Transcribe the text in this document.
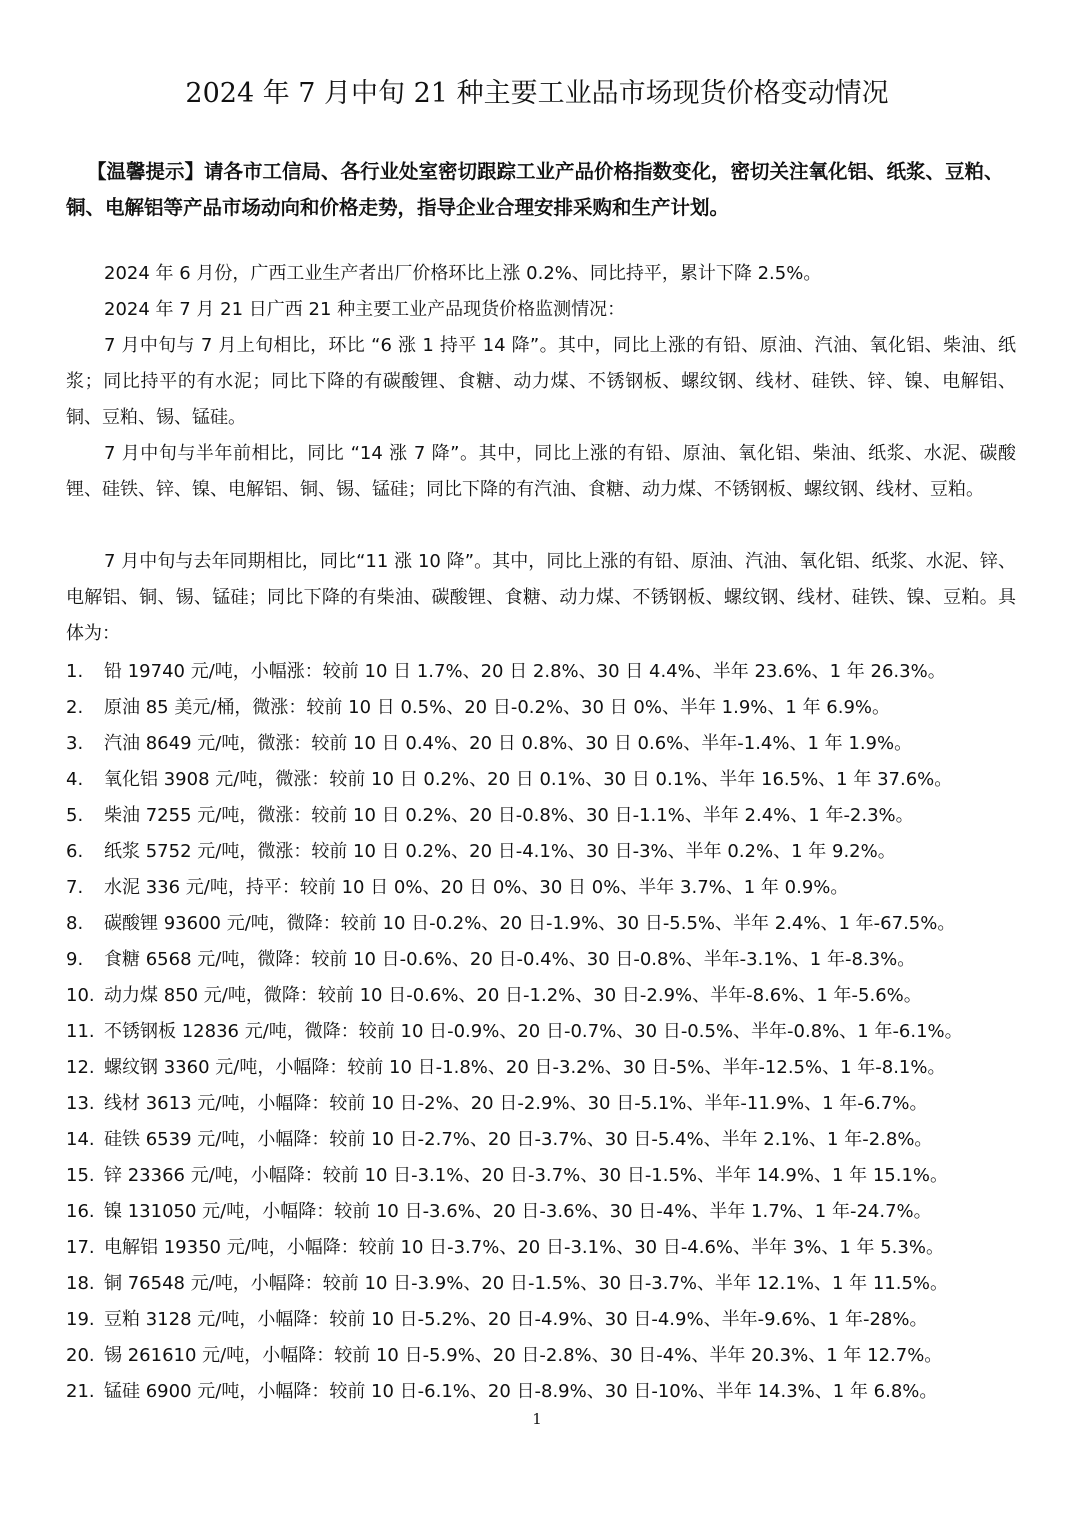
2024 年 7 月中旬 21 种主要工业品市场现货价格变动情况
【温馨提示】请各市工信局、各行业处室密切跟踪工业产品价格指数变化，密切关注氧化铝、纸浆、豆粕、铜、电解铝等产品市场动向和价格走势，指导企业合理安排采购和生产计划。
2024 年 6 月份，广西工业生产者出厂价格环比上涨 0.2%、同比持平，累计下降 2.5%。
2024 年 7 月 21 日广西 21 种主要工业产品现货价格监测情况：
7 月中旬与 7 月上旬相比，环比 “6 涨 1 持平 14 降”。其中，同比上涨的有铅、原油、汽油、氧化铝、柴油、纸浆；同比持平的有水泥；同比下降的有碳酸锂、食糖、动力煤、不锈钢板、螺纹钢、线材、硅铁、锌、镍、电解铝、铜、豆粕、锡、锰硅。
7 月中旬与半年前相比，同比 “14 涨 7 降”。其中，同比上涨的有铅、原油、氧化铝、柴油、纸浆、水泥、碳酸锂、硅铁、锌、镍、电解铝、铜、锡、锰硅；同比下降的有汽油、食糖、动力煤、不锈钢板、螺纹钢、线材、豆粕。
7 月中旬与去年同期相比，同比“11 涨 10 降”。其中，同比上涨的有铅、原油、汽油、氧化铝、纸浆、水泥、锌、电解铝、铜、锡、锰硅；同比下降的有柴油、碳酸锂、食糖、动力煤、不锈钢板、螺纹钢、线材、硅铁、镍、豆粕。具体为：
1. 铅 19740 元/吨，小幅涨：较前 10 日 1.7%、20 日 2.8%、30 日 4.4%、半年 23.6%、1 年 26.3%。
2. 原油 85 美元/桶，微涨：较前 10 日 0.5%、20 日-0.2%、30 日 0%、半年 1.9%、1 年 6.9%。
3. 汽油 8649 元/吨，微涨：较前 10 日 0.4%、20 日 0.8%、30 日 0.6%、半年-1.4%、1 年 1.9%。
4. 氧化铝 3908 元/吨，微涨：较前 10 日 0.2%、20 日 0.1%、30 日 0.1%、半年 16.5%、1 年 37.6%。
5. 柴油 7255 元/吨，微涨：较前 10 日 0.2%、20 日-0.8%、30 日-1.1%、半年 2.4%、1 年-2.3%。
6. 纸浆 5752 元/吨，微涨：较前 10 日 0.2%、20 日-4.1%、30 日-3%、半年 0.2%、1 年 9.2%。
7. 水泥 336 元/吨，持平：较前 10 日 0%、20 日 0%、30 日 0%、半年 3.7%、1 年 0.9%。
8. 碳酸锂 93600 元/吨，微降：较前 10 日-0.2%、20 日-1.9%、30 日-5.5%、半年 2.4%、1 年-67.5%。
9. 食糖 6568 元/吨，微降：较前 10 日-0.6%、20 日-0.4%、30 日-0.8%、半年-3.1%、1 年-8.3%。
10. 动力煤 850 元/吨，微降：较前 10 日-0.6%、20 日-1.2%、30 日-2.9%、半年-8.6%、1 年-5.6%。
11. 不锈钢板 12836 元/吨，微降：较前 10 日-0.9%、20 日-0.7%、30 日-0.5%、半年-0.8%、1 年-6.1%。
12. 螺纹钢 3360 元/吨，小幅降：较前 10 日-1.8%、20 日-3.2%、30 日-5%、半年-12.5%、1 年-8.1%。
13. 线材 3613 元/吨，小幅降：较前 10 日-2%、20 日-2.9%、30 日-5.1%、半年-11.9%、1 年-6.7%。
14. 硅铁 6539 元/吨，小幅降：较前 10 日-2.7%、20 日-3.7%、30 日-5.4%、半年 2.1%、1 年-2.8%。
15. 锌 23366 元/吨，小幅降：较前 10 日-3.1%、20 日-3.7%、30 日-1.5%、半年 14.9%、1 年 15.1%。
16. 镍 131050 元/吨，小幅降：较前 10 日-3.6%、20 日-3.6%、30 日-4%、半年 1.7%、1 年-24.7%。
17. 电解铝 19350 元/吨，小幅降：较前 10 日-3.7%、20 日-3.1%、30 日-4.6%、半年 3%、1 年 5.3%。
18. 铜 76548 元/吨，小幅降：较前 10 日-3.9%、20 日-1.5%、30 日-3.7%、半年 12.1%、1 年 11.5%。
19. 豆粕 3128 元/吨，小幅降：较前 10 日-5.2%、20 日-4.9%、30 日-4.9%、半年-9.6%、1 年-28%。
20. 锡 261610 元/吨，小幅降：较前 10 日-5.9%、20 日-2.8%、30 日-4%、半年 20.3%、1 年 12.7%。
21. 锰硅 6900 元/吨，小幅降：较前 10 日-6.1%、20 日-8.9%、30 日-10%、半年 14.3%、1 年 6.8%。
1
